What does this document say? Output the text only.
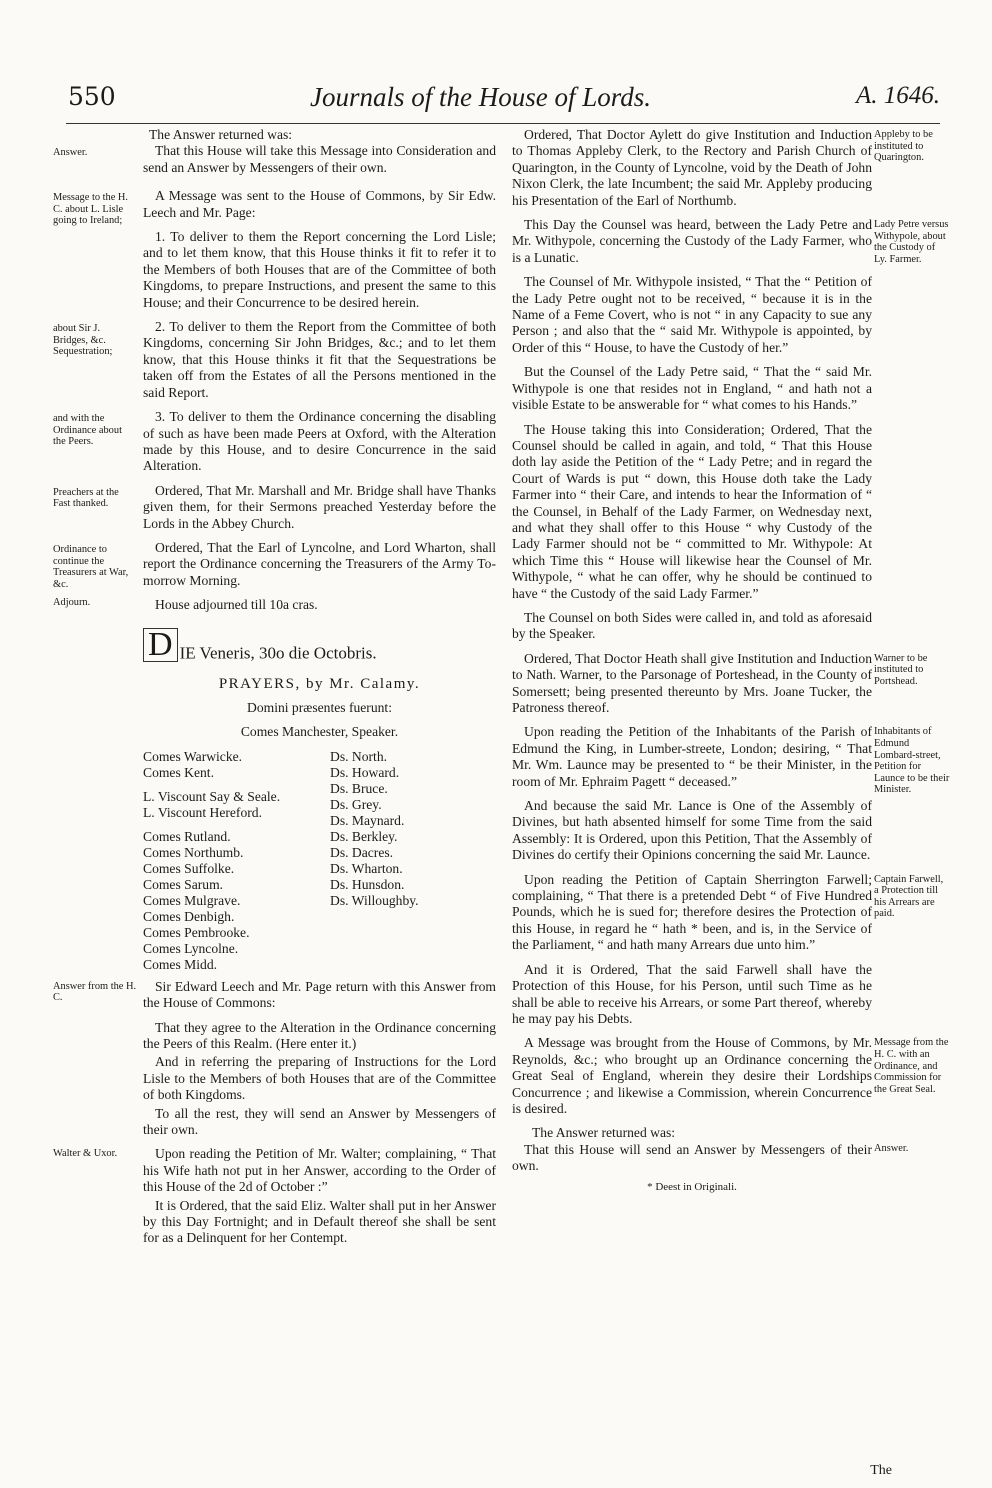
550	Journals of the House of Lords.	A. 1646.
The Answer returned was:
Answer.	That this House will take this Message into Consideration and send an Answer by Messengers of their own.

Message to the H. C. about L. Lisle going to Ireland;

A Message was sent to the House of Commons, by Sir Edw. Leech and Mr. Page:

1. To deliver to them the Report concerning the Lord Lisle; and to let them know, that this House thinks it fit to refer it to the Members of both Houses that are of the Committee of both Kingdoms, to prepare Instructions, and present the same to this House; and their Concurrence to be desired herein.

about Sir J. Bridges, &c. Sequestration;

2. To deliver to them the Report from the Committee of both Kingdoms, concerning Sir John Bridges, &c.; and to let them know, that this House thinks it fit that the Sequestrations be taken off from the Estates of all the Persons mentioned in the said Report.

and with the Ordinance about the Peers.

3. To deliver to them the Ordinance concerning the disabling of such as have been made Peers at Oxford, with the Alteration made by this House, and to desire Concurrence in the said Alteration.

Preachers at the Fast thanked.

Ordered, That Mr. Marshall and Mr. Bridge shall have Thanks given them, for their Sermons preached Yesterday before the Lords in the Abbey Church.

Ordinance to continue the Treasurers at War, &c.

Ordered, That the Earl of Lyncolne, and Lord Wharton, shall report the Ordinance concerning the Treasurers of the Army To-morrow Morning.

Adjourn.	House adjourned till 10a cras.

D IE Veneris, 30o die Octobris.
PRAYERS, by Mr. Calamy.
Domini præsentes fuerunt:
Comes Manchester, Speaker.
Comes Warwicke.
Comes Kent.
L. Viscount Say & Seale.
L. Viscount Hereford.
Comes Rutland.
Comes Northumb.
Comes Suffolke.
Comes Sarum.
Comes Mulgrave.
Comes Denbigh.
Comes Pembrooke.
Comes Lyncolne.
Comes Midd.
Ds. North.
Ds. Howard.
Ds. Bruce.
Ds. Grey.
Ds. Maynard.
Ds. Berkley.
Ds. Dacres.
Ds. Wharton.
Ds. Hunsdon.
Ds. Willoughby.
Answer from the H. C.

Sir Edward Leech and Mr. Page return with this Answer from the House of Commons:

That they agree to the Alteration in the Ordinance concerning the Peers of this Realm. (Here enter it.)

And in referring the preparing of Instructions for the Lord Lisle to the Members of both Houses that are of the Committee of both Kingdoms.

To all the rest, they will send an Answer by Messengers of their own.

Walter & Uxor.	Upon reading the Petition of Mr. Walter; complaining, “ That his Wife hath not put in her Answer, according to the Order of this House of the 2d of October :”

It is Ordered, that the said Eliz. Walter shall put in her Answer by this Day Fortnight; and in Default thereof she shall be sent for as a Delinquent for her Contempt.

Appleby to be instituted to Quarington.

Ordered, That Doctor Aylett do give Institution and Induction to Thomas Appleby Clerk, to the Rectory and Parish Church of Quarington, in the County of Lyncolne, void by the Death of John Nixon Clerk, the late Incumbent; the said Mr. Appleby producing his Presentation of the Earl of Northumb.

Lady Petre versus Withypole, about the Custody of Ly. Farmer.

This Day the Counsel was heard, between the Lady Petre and Mr. Withypole, concerning the Custody of the Lady Farmer, who is a Lunatic.

The Counsel of Mr. Withypole insisted, “ That the “ Petition of the Lady Petre ought not to be received, “ because it is in the Name of a Feme Covert, who is not “ in any Capacity to sue any Person ; and also that the “ said Mr. Withypole is appointed, by Order of this “ House, to have the Custody of her.”

But the Counsel of the Lady Petre said, “ That the “ said Mr. Withypole is one that resides not in England, “ and hath not a visible Estate to be answerable for “ what comes to his Hands.”

The House taking this into Consideration; Ordered, That the Counsel should be called in again, and told, “ That this House doth lay aside the Petition of the “ Lady Petre; and in regard the Court of Wards is put “ down, this House doth take the Lady Farmer into “ their Care, and intends to hear the Information of “ the Counsel, in Behalf of the Lady Farmer, on Wednesday next, and what they shall offer to this House “ why Custody of the Lady Farmer should not be “ committed to Mr. Withypole: At which Time this “ House will likewise hear the Counsel of Mr. Withypole, “ what he can offer, why he should be continued to have “ the Custody of the said Lady Farmer.”

The Counsel on both Sides were called in, and told as aforesaid by the Speaker.

Warner to be instituted to Portshead.

Ordered, That Doctor Heath shall give Institution and Induction to Nath. Warner, to the Parsonage of Porteshead, in the County of Somersett; being presented thereunto by Mrs. Joane Tucker, the Patroness thereof.

Inhabitants of Edmund Lombard-street, Petition for Launce to be their Minister.

Upon reading the Petition of the Inhabitants of the Parish of Edmund the King, in Lumber-streete, London; desiring, “ That Mr. Wm. Launce may be presented to “ be their Minister, in the room of Mr. Ephraim Pagett “ deceased.”

And because the said Mr. Lance is One of the Assembly of Divines, but hath absented himself for some Time from the said Assembly: It is Ordered, upon this Petition, That the Assembly of Divines do certify their Opinions concerning the said Mr. Launce.

Captain Farwell, a Protection till his Arrears are paid.

Upon reading the Petition of Captain Sherrington Farwell; complaining, “ That there is a pretended Debt “ of Five Hundred Pounds, which he is sued for; therefore desires the Protection of this House, in regard he “ hath * been, and is, in the Service of the Parliament, “ and hath many Arrears due unto him.”

And it is Ordered, That the said Farwell shall have the Protection of this House, for his Person, until such Time as he shall be able to receive his Arrears, or some Part thereof, whereby he may pay his Debts.

Message from the H. C. with an Ordinance, and Commission for the Great Seal.

A Message was brought from the House of Commons, by Mr. Reynolds, &c.; who brought up an Ordinance concerning the Great Seal of England, wherein they desire their Lordships Concurrence ; and likewise a Commission, wherein Concurrence is desired.

The Answer returned was:
Answer.

That this House will send an Answer by Messengers of their own.

* Deest in Originali.
The
